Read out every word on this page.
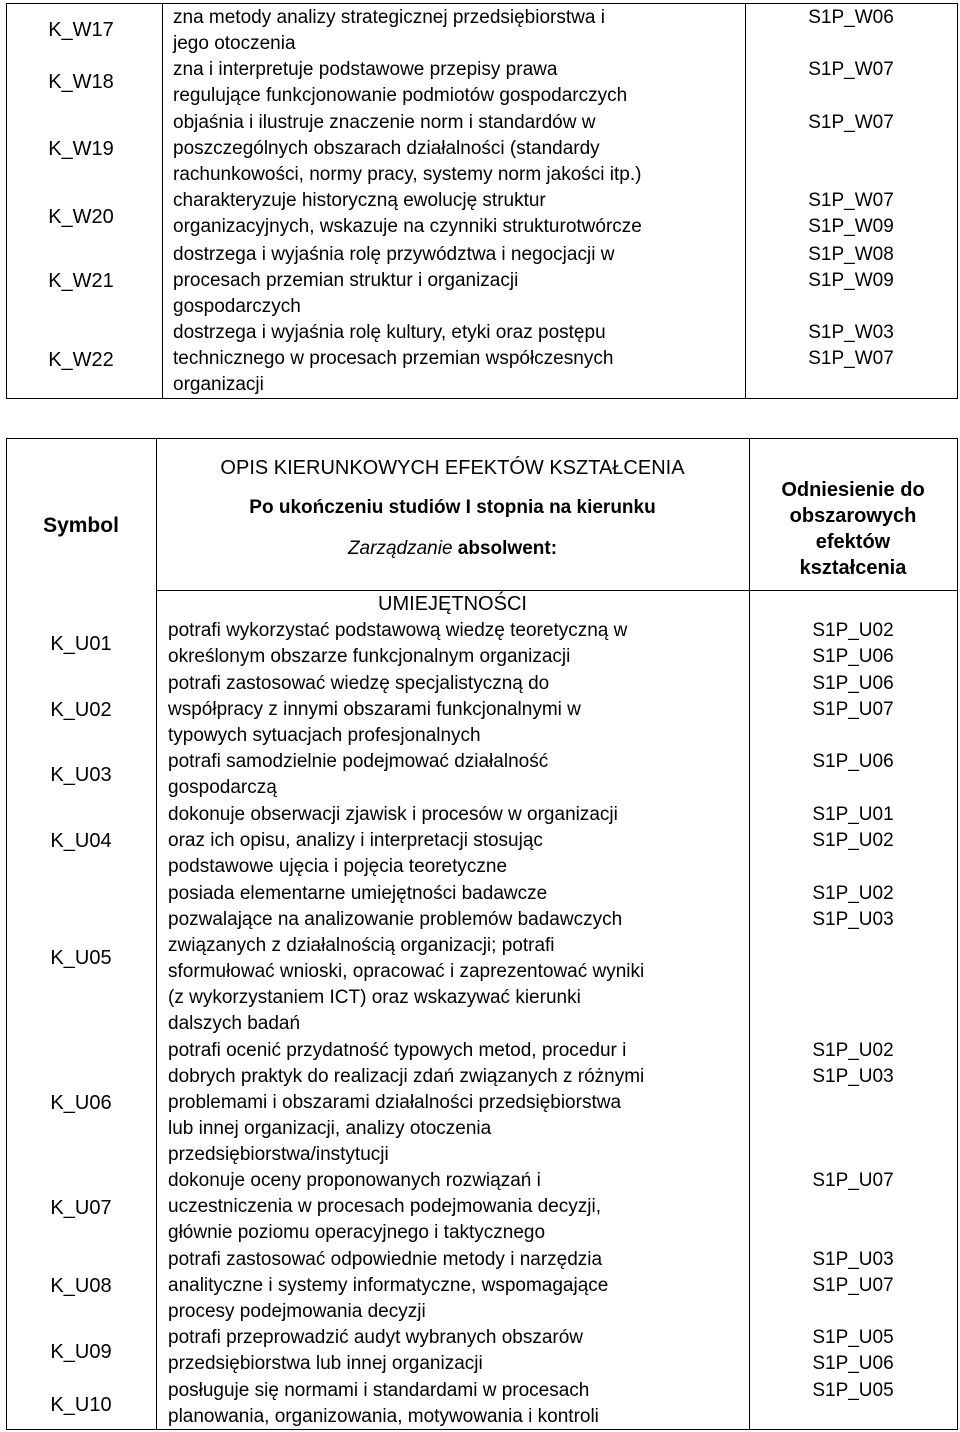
K_W17
zna metody analizy strategicznej przedsiębiorstwa i
jego otoczenia
S1P_W06
K_W18
zna i interpretuje podstawowe przepisy prawa
regulujące funkcjonowanie podmiotów gospodarczych
S1P_W07
K_W19
objaśnia i ilustruje znaczenie norm i standardów w
poszczególnych obszarach działalności (standardy
rachunkowości, normy pracy, systemy norm jakości itp.)
S1P_W07
K_W20
charakteryzuje historyczną ewolucję struktur
organizacyjnych, wskazuje na czynniki strukturotwórcze
S1P_W07
S1P_W09
K_W21
dostrzega i wyjaśnia rolę przywództwa i negocjacji w
procesach przemian struktur i organizacji
gospodarczych
S1P_W08
S1P_W09
K_W22
dostrzega i wyjaśnia rolę kultury, etyki oraz postępu
technicznego w procesach przemian współczesnych
organizacji
S1P_W03
S1P_W07
Symbol
OPIS KIERUNKOWYCH EFEKTÓW KSZTAŁCENIA
Po ukończeniu studiów I stopnia na kierunku
Zarządzanie absolwent:
Odniesienie do
obszarowych
efektów
kształcenia
UMIEJĘTNOŚCI
K_U01
potrafi wykorzystać podstawową wiedzę teoretyczną w
określonym obszarze funkcjonalnym organizacji
S1P_U02
S1P_U06
K_U02
potrafi zastosować wiedzę specjalistyczną do
współpracy z innymi obszarami funkcjonalnymi w
typowych sytuacjach profesjonalnych
S1P_U06
S1P_U07
K_U03
potrafi samodzielnie podejmować działalność
gospodarczą
S1P_U06
K_U04
dokonuje obserwacji zjawisk i procesów w organizacji
oraz ich opisu, analizy i interpretacji stosując
podstawowe ujęcia i pojęcia teoretyczne
S1P_U01
S1P_U02
K_U05
posiada elementarne umiejętności badawcze
pozwalające na analizowanie problemów badawczych
związanych z działalnością organizacji; potrafi
sformułować wnioski, opracować i zaprezentować wyniki
(z wykorzystaniem ICT) oraz wskazywać kierunki
dalszych badań
S1P_U02
S1P_U03
K_U06
potrafi ocenić przydatność typowych metod, procedur i
dobrych praktyk do realizacji zdań związanych z różnymi
problemami i obszarami działalności przedsiębiorstwa
lub innej organizacji, analizy otoczenia
przedsiębiorstwa/instytucji
S1P_U02
S1P_U03
K_U07
dokonuje oceny proponowanych rozwiązań i
uczestniczenia w procesach podejmowania decyzji,
głównie poziomu operacyjnego i taktycznego
S1P_U07
K_U08
potrafi zastosować odpowiednie metody i narzędzia
analityczne i systemy informatyczne, wspomagające
procesy podejmowania decyzji
S1P_U03
S1P_U07
K_U09
potrafi przeprowadzić audyt wybranych obszarów
przedsiębiorstwa lub innej organizacji
S1P_U05
S1P_U06
K_U10
posługuje się normami i standardami w procesach
planowania, organizowania, motywowania i kontroli
S1P_U05
